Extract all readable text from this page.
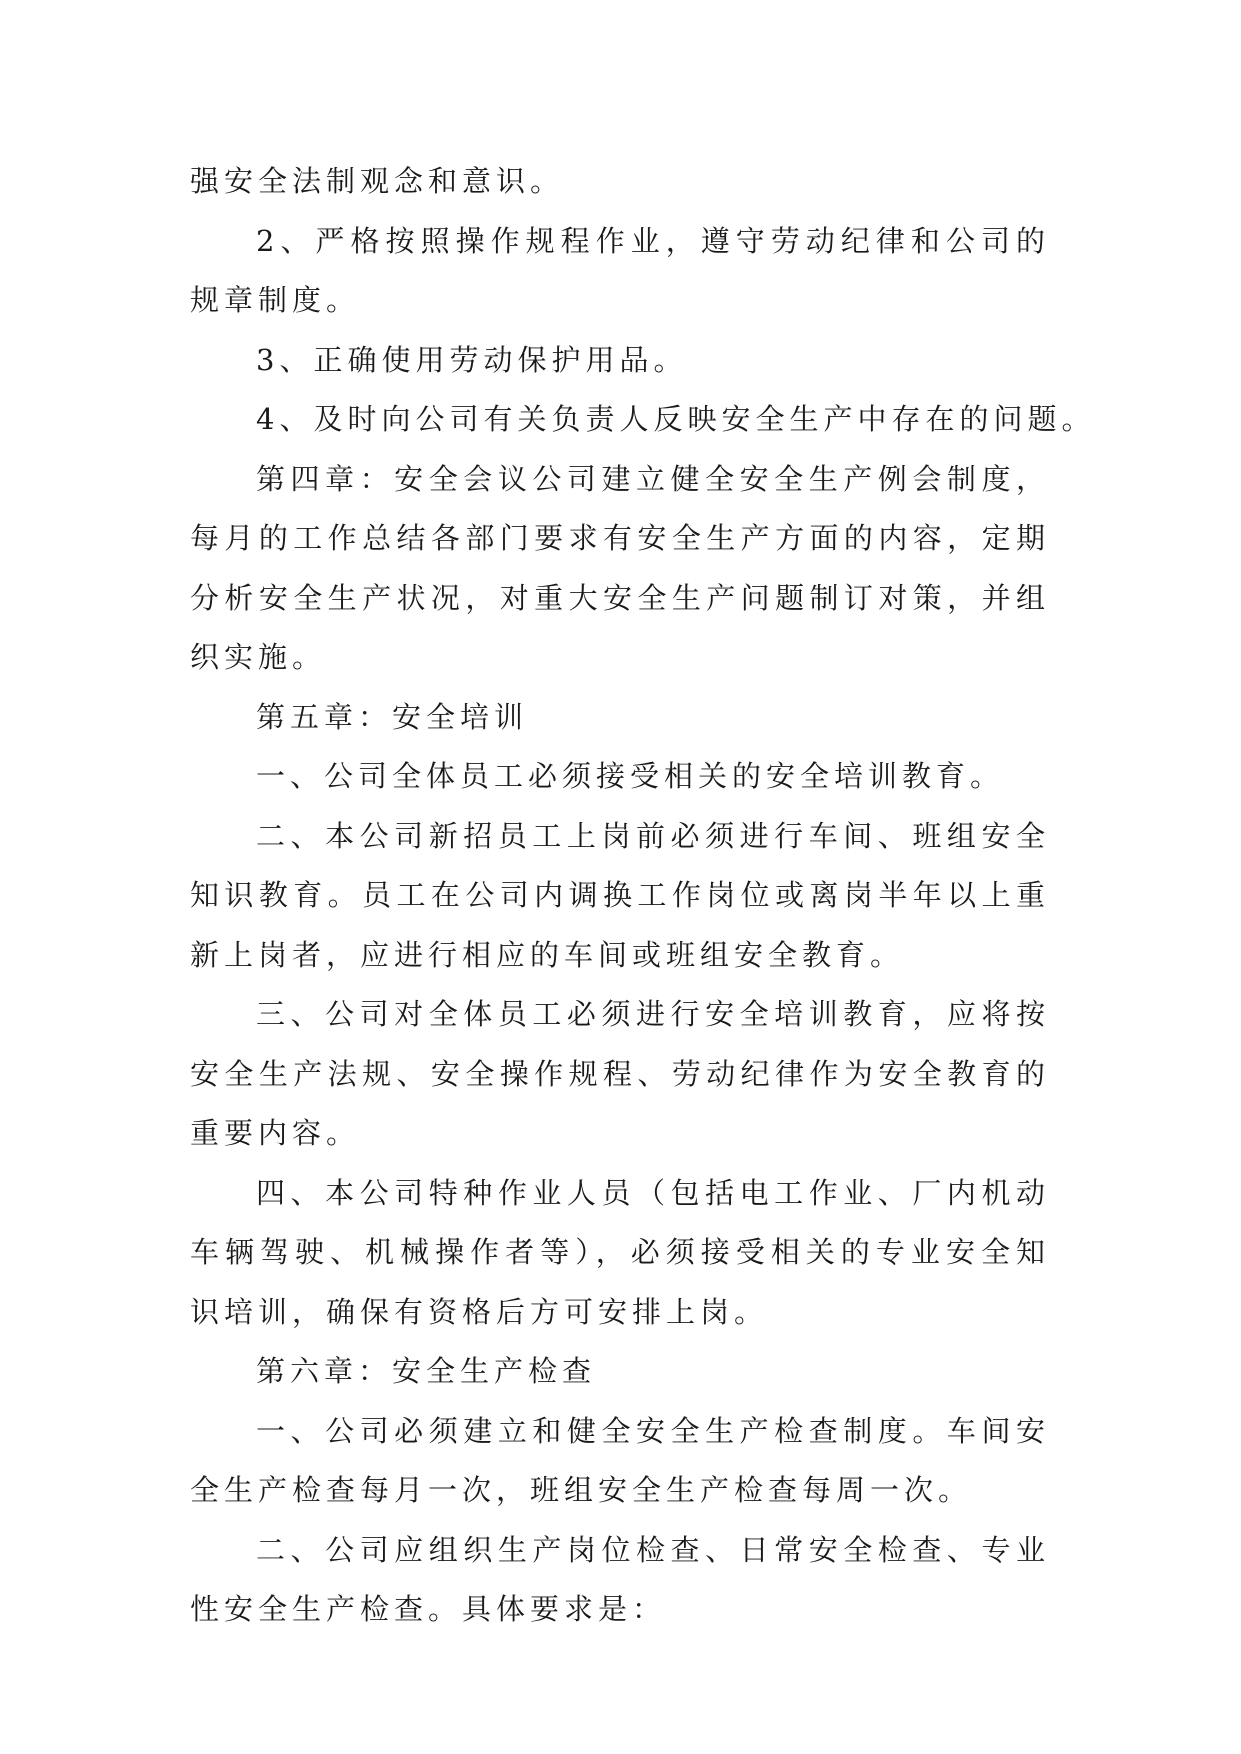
强安全法制观念和意识。

2、严格按照操作规程作业，遵守劳动纪律和公司的规章制度。

3、正确使用劳动保护用品。

4、及时向公司有关负责人反映安全生产中存在的问题。

第四章：安全会议公司建立健全安全生产例会制度，每月的工作总结各部门要求有安全生产方面的内容，定期分析安全生产状况，对重大安全生产问题制订对策，并组织实施。

第五章：安全培训

一、公司全体员工必须接受相关的安全培训教育。

二、本公司新招员工上岗前必须进行车间、班组安全知识教育。员工在公司内调换工作岗位或离岗半年以上重新上岗者，应进行相应的车间或班组安全教育。

三、公司对全体员工必须进行安全培训教育，应将按安全生产法规、安全操作规程、劳动纪律作为安全教育的重要内容。

四、本公司特种作业人员（包括电工作业、厂内机动车辆驾驶、机械操作者等），必须接受相关的专业安全知识培训，确保有资格后方可安排上岗。

第六章：安全生产检查

一、公司必须建立和健全安全生产检查制度。车间安全生产检查每月一次，班组安全生产检查每周一次。

二、公司应组织生产岗位检查、日常安全检查、专业性安全生产检查。具体要求是：
